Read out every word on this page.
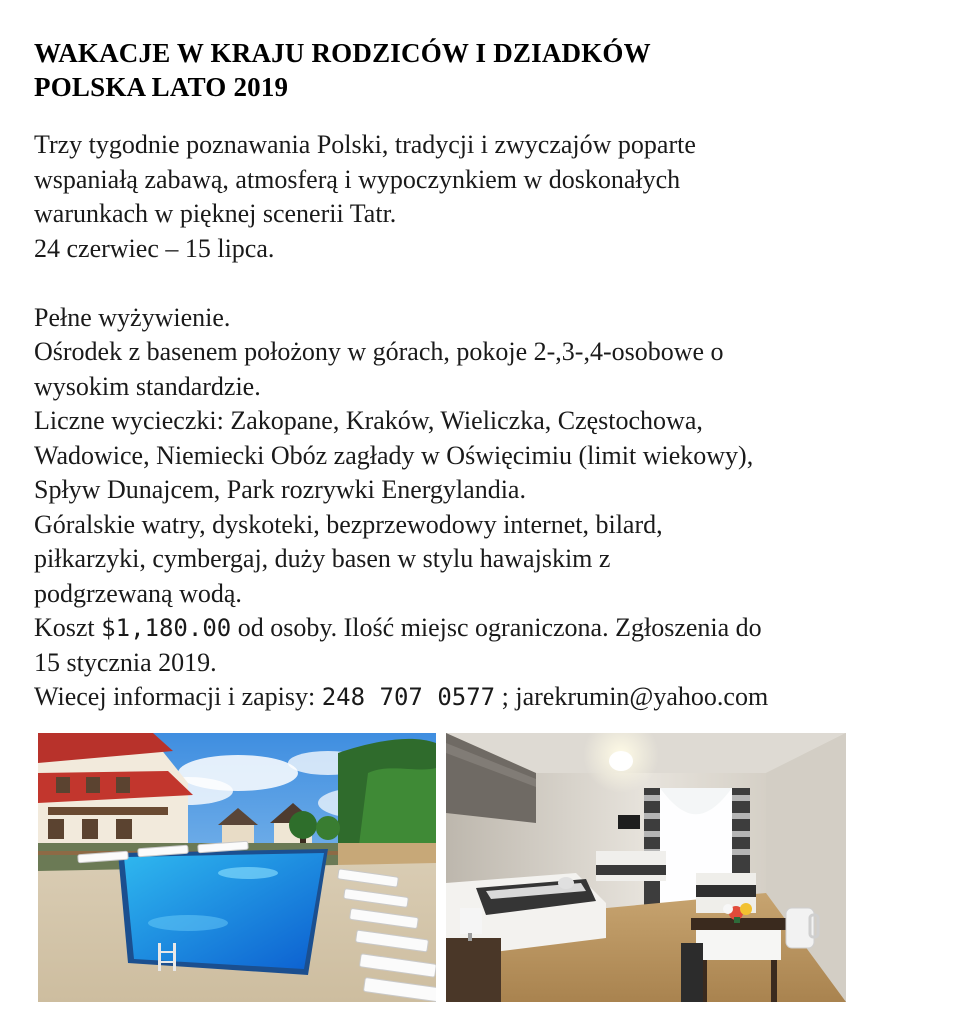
WAKACJE W KRAJU RODZICÓW I DZIADKÓW
POLSKA LATO 2019

Trzy tygodnie poznawania Polski, tradycji i zwyczajów poparte

wspaniałą zabawą, atmosferą i wypoczynkiem w doskonałych

warunkach w pięknej scenerii Tatr.

24 czerwiec – 15 lipca.

Pełne wyżywienie.

Ośrodek z basenem położony w górach, pokoje 2-,3-,4-osobowe o

wysokim standardzie.

Liczne wycieczki: Zakopane, Kraków, Wieliczka, Częstochowa,

Wadowice, Niemiecki Obóz zagłady w Oświęcimiu (limit wiekowy),

Spływ Dunajcem, Park rozrywki Energylandia.

Góralskie watry, dyskoteki, bezprzewodowy internet, bilard,

piłkarzyki, cymbergaj, duży basen w stylu hawajskim z

podgrzewaną wodą.

Koszt $1,180.00 od osoby. Ilość miejsc ograniczona. Zgłoszenia do

15 stycznia 2019.

Wiecej informacji i zapisy: 248 707 0577 ; jarekrumin@yahoo.com
